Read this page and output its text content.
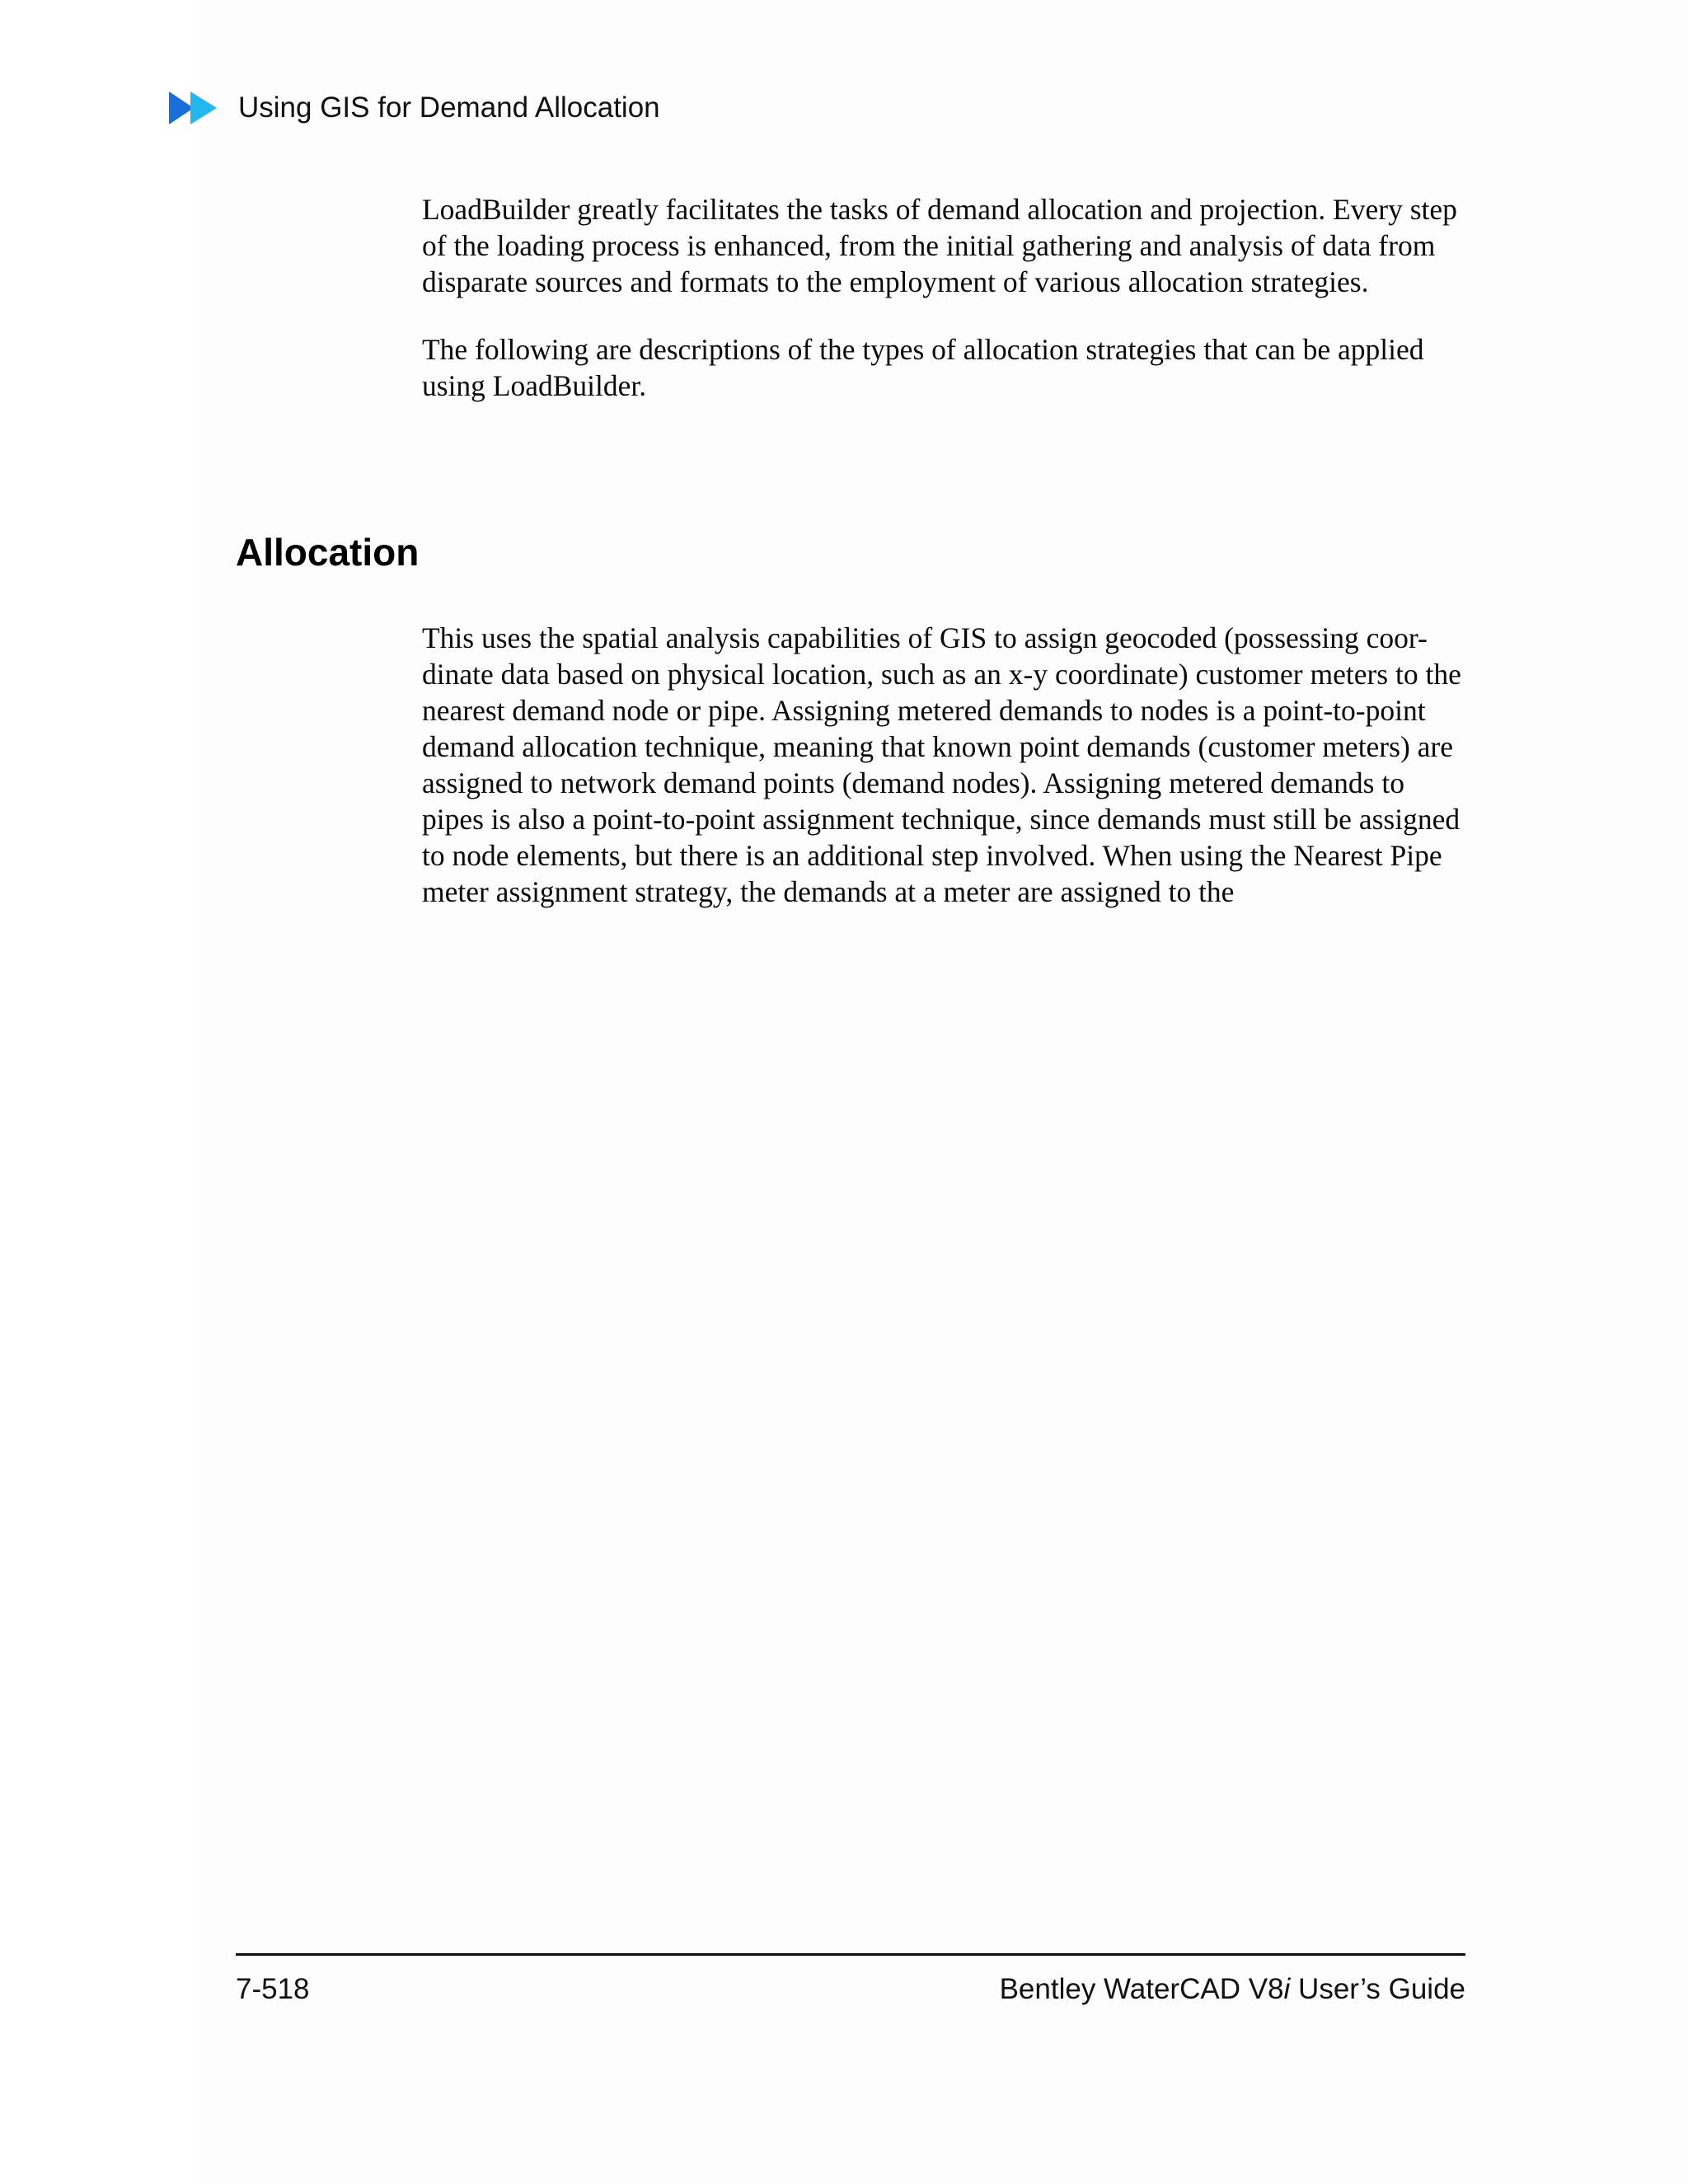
Using GIS for Demand Allocation

LoadBuilder greatly facilitates the tasks of demand allocation and projection. Every step of the loading process is enhanced, from the initial gathering and analysis of data from disparate sources and formats to the employment of various allocation strategies.

The following are descriptions of the types of allocation strategies that can be applied using LoadBuilder.

Allocation

This uses the spatial analysis capabilities of GIS to assign geocoded (possessing coor-dinate data based on physical location, such as an x-y coordinate) customer meters to the nearest demand node or pipe. Assigning metered demands to nodes is a point-to-point demand allocation technique, meaning that known point demands (customer meters) are assigned to network demand points (demand nodes). Assigning metered demands to pipes is also a point-to-point assignment technique, since demands must still be assigned to node elements, but there is an additional step involved. When using the Nearest Pipe meter assignment strategy, the demands at a meter are assigned to the

7-518	Bentley WaterCAD V8i User’s Guide
